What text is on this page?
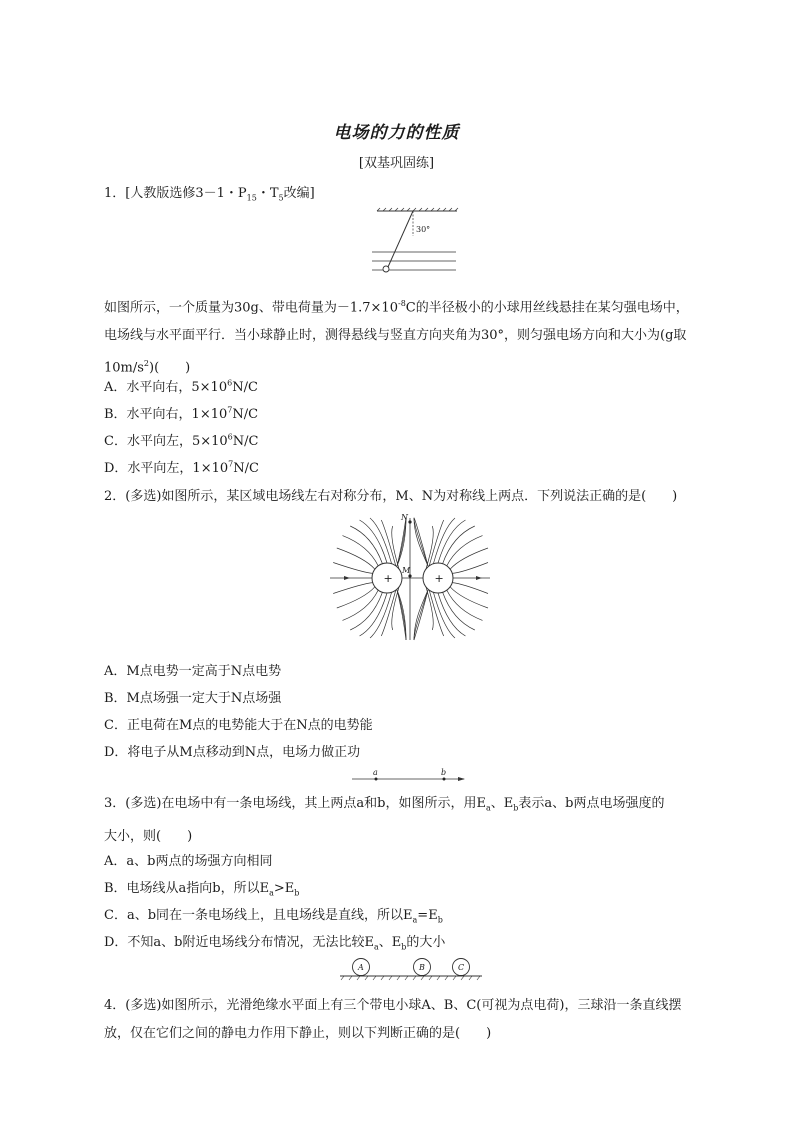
电场的力的性质
[双基巩固练]
1．[人教版选修3－1・$P_{15}$・$T_5$改编]
30°
如图所示，一个质量为30g、带电荷量为$-1.7\times 10^{-8}C$的半径极小的小球用丝线悬挂在某匀强电场中，
电场线与水平面平行．当小球静止时，测得悬线与竖直方向夹角为30°，则匀强电场方向和大小为(g取
$10m/s^2$)(　　)
A．水平向右，$5\times 10^6N/C$
B．水平向右，$1\times 10^7N/C$
C．水平向左，$5\times 10^6N/C$
D．水平向左，$1\times 10^7N/C$
2．(多选)如图所示，某区域电场线左右对称分布，M、N为对称线上两点．下列说法正确的是(　　)
+	+
N
M
A．M点电势一定高于N点电势
B．M点场强一定大于N点场强
C．正电荷在M点的电势能大于在N点的电势能
D．将电子从M点移动到N点，电场力做正功
a	b
3．(多选)在电场中有一条电场线，其上两点a和b，如图所示，用$E_a$、$E_b$表示a、b两点电场强度的
大小，则(　　)
A．a、b两点的场强方向相同
B．电场线从a指向b，所以$E_a>E_b$
C．a、b同在一条电场线上，且电场线是直线，所以$E_a=E_b$
D．不知a、b附近电场线分布情况，无法比较$E_a$、$E_b$的大小
A	B	C
4．(多选)如图所示，光滑绝缘水平面上有三个带电小球A、B、C(可视为点电荷)，三球沿一条直线摆
放，仅在它们之间的静电力作用下静止，则以下判断正确的是(　　)
